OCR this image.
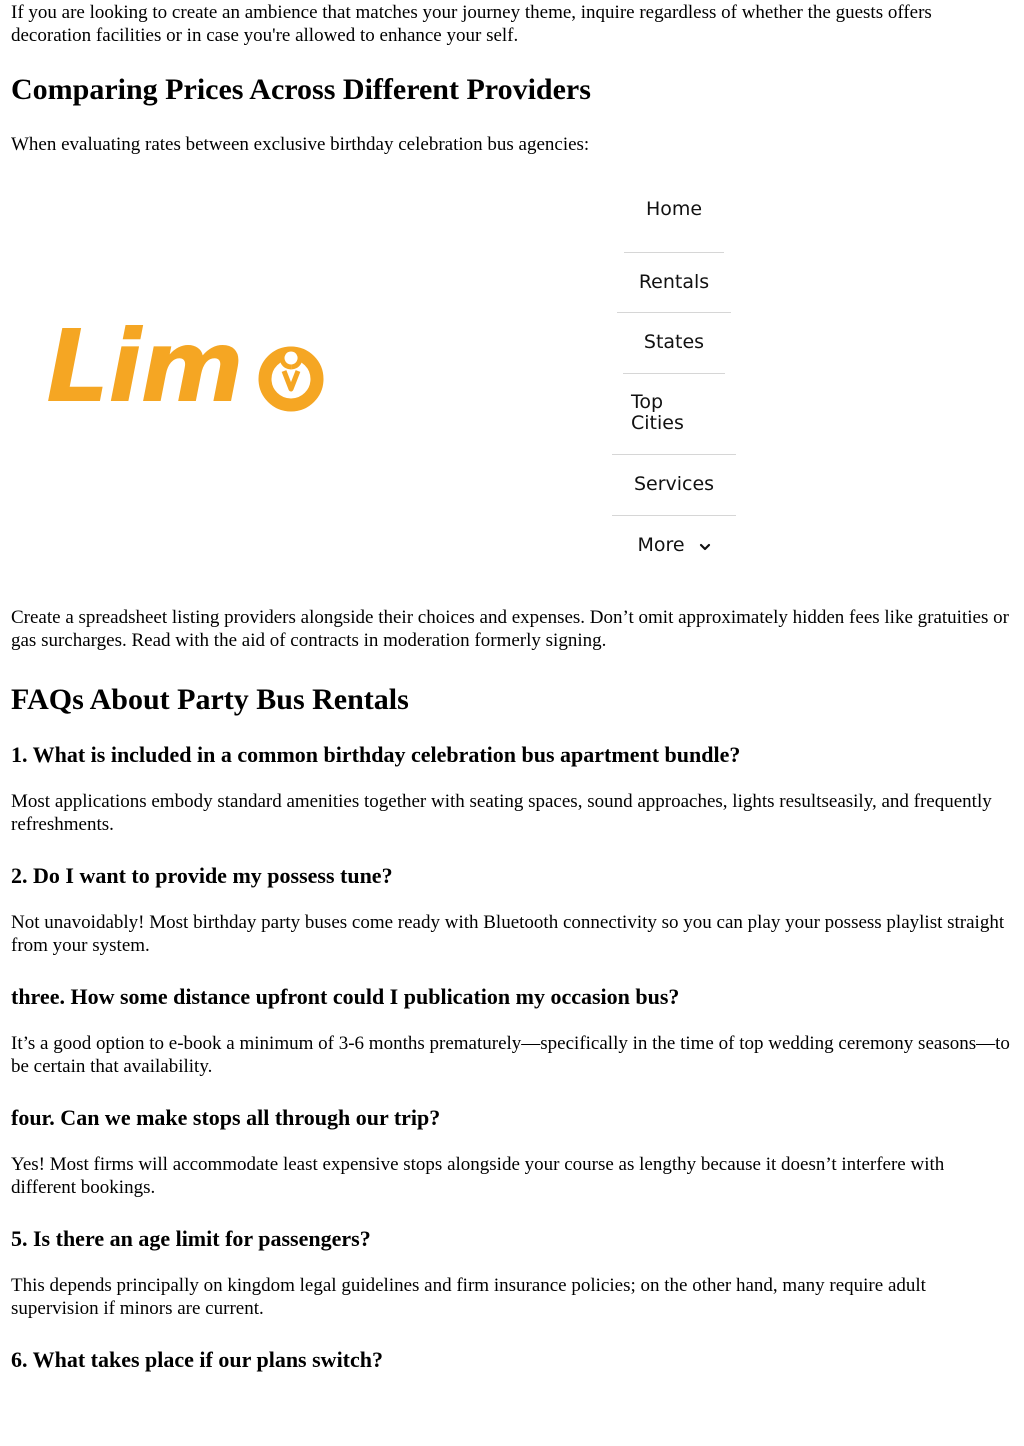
If you are looking to create an ambience that matches your journey theme, inquire regardless of whether the guests offers decoration facilities or in case you're allowed to enhance your self.

Comparing Prices Across Different Providers

When evaluating rates between exclusive birthday celebration bus agencies:

Lim
Home
Rentals
States
Top Cities
Services
More

Create a spreadsheet listing providers alongside their choices and expenses. Don’t omit approximately hidden fees like gratuities or gas surcharges. Read with the aid of contracts in moderation formerly signing.

FAQs About Party Bus Rentals
1. What is included in a common birthday celebration bus apartment bundle?

Most applications embody standard amenities together with seating spaces, sound approaches, lights resultseasily, and frequently refreshments.

2. Do I want to provide my possess tune?

Not unavoidably! Most birthday party buses come ready with Bluetooth connectivity so you can play your possess playlist straight from your system.

three. How some distance upfront could I publication my occasion bus?

It’s a good option to e-book a minimum of 3-6 months prematurely—specifically in the time of top wedding ceremony seasons—to be certain that availability.

four. Can we make stops all through our trip?

Yes! Most firms will accommodate least expensive stops alongside your course as lengthy because it doesn’t interfere with different bookings.

5. Is there an age limit for passengers?

This depends principally on kingdom legal guidelines and firm insurance policies; on the other hand, many require adult supervision if minors are current.

6. What takes place if our plans switch?
